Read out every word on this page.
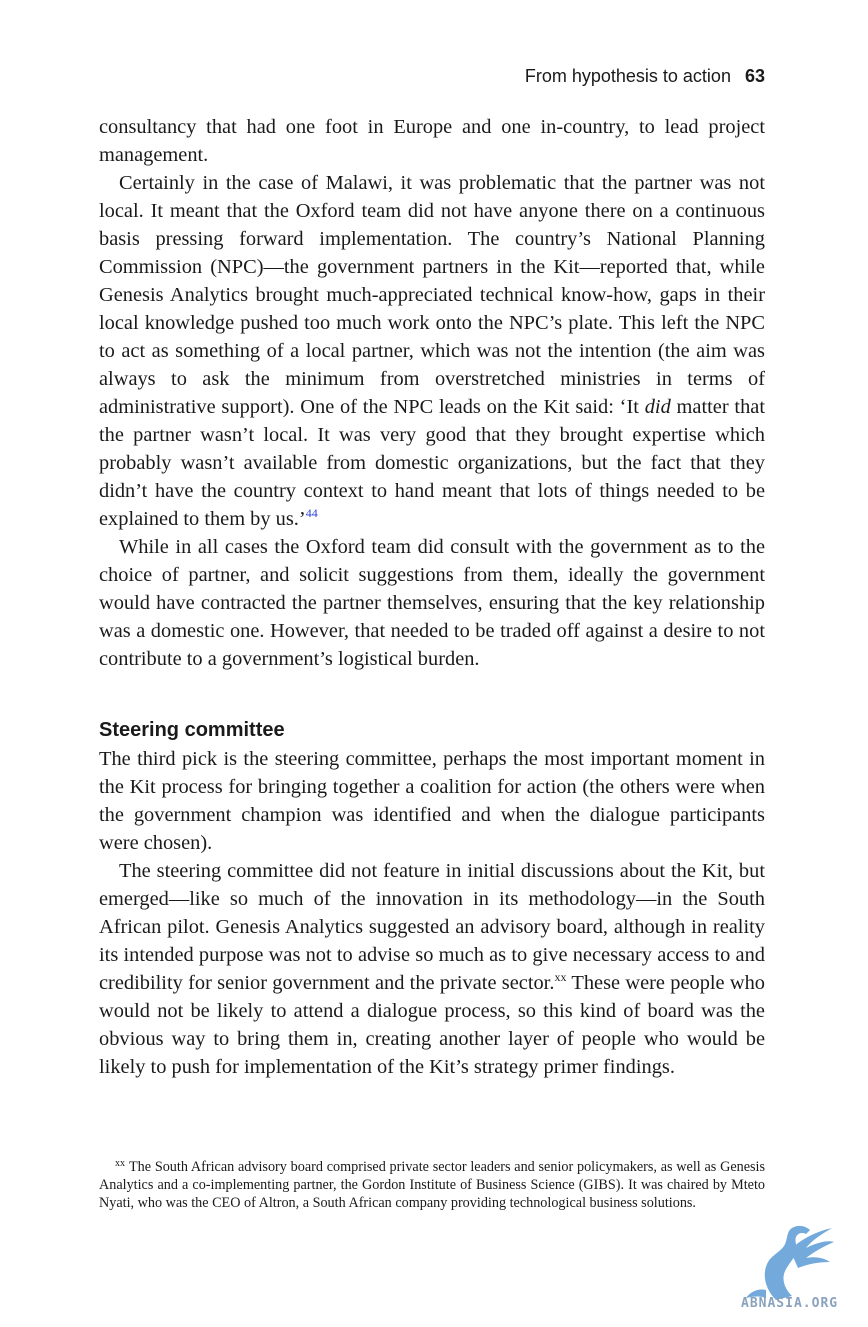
From hypothesis to action 63

consultancy that had one foot in Europe and one in-country, to lead project management.

Certainly in the case of Malawi, it was problematic that the partner was not local. It meant that the Oxford team did not have anyone there on a continuous basis pressing forward implementation. The country’s National Planning Commission (NPC)—the government partners in the Kit—reported that, while Genesis Analytics brought much-appreciated technical know-how, gaps in their local knowledge pushed too much work onto the NPC’s plate. This left the NPC to act as something of a local partner, which was not the intention (the aim was always to ask the minimum from overstretched ministries in terms of administrative support). One of the NPC leads on the Kit said: ‘It did matter that the partner wasn’t local. It was very good that they brought expertise which probably wasn’t available from domestic organizations, but the fact that they didn’t have the country context to hand meant that lots of things needed to be explained to them by us.’$^{44}$

While in all cases the Oxford team did consult with the government as to the choice of partner, and solicit suggestions from them, ideally the government would have contracted the partner themselves, ensuring that the key relationship was a domestic one. However, that needed to be traded off against a desire to not contribute to a government’s logistical burden.

Steering committee

The third pick is the steering committee, perhaps the most important moment in the Kit process for bringing together a coalition for action (the others were when the government champion was identified and when the dialogue participants were chosen).

The steering committee did not feature in initial discussions about the Kit, but emerged—like so much of the innovation in its methodology—in the South African pilot. Genesis Analytics suggested an advisory board, although in reality its intended purpose was not to advise so much as to give necessary access to and credibility for senior government and the private sector.$^{xx}$ These were people who would not be likely to attend a dialogue process, so this kind of board was the obvious way to bring them in, creating another layer of people who would be likely to push for implementation of the Kit’s strategy primer findings.

$^{xx}$ The South African advisory board comprised private sector leaders and senior policymakers, as well as Genesis Analytics and a co-implementing partner, the Gordon Institute of Business Science (GIBS). It was chaired by Mteto Nyati, who was the CEO of Altron, a South African company providing technological business solutions.
ABNASIA.ORG
